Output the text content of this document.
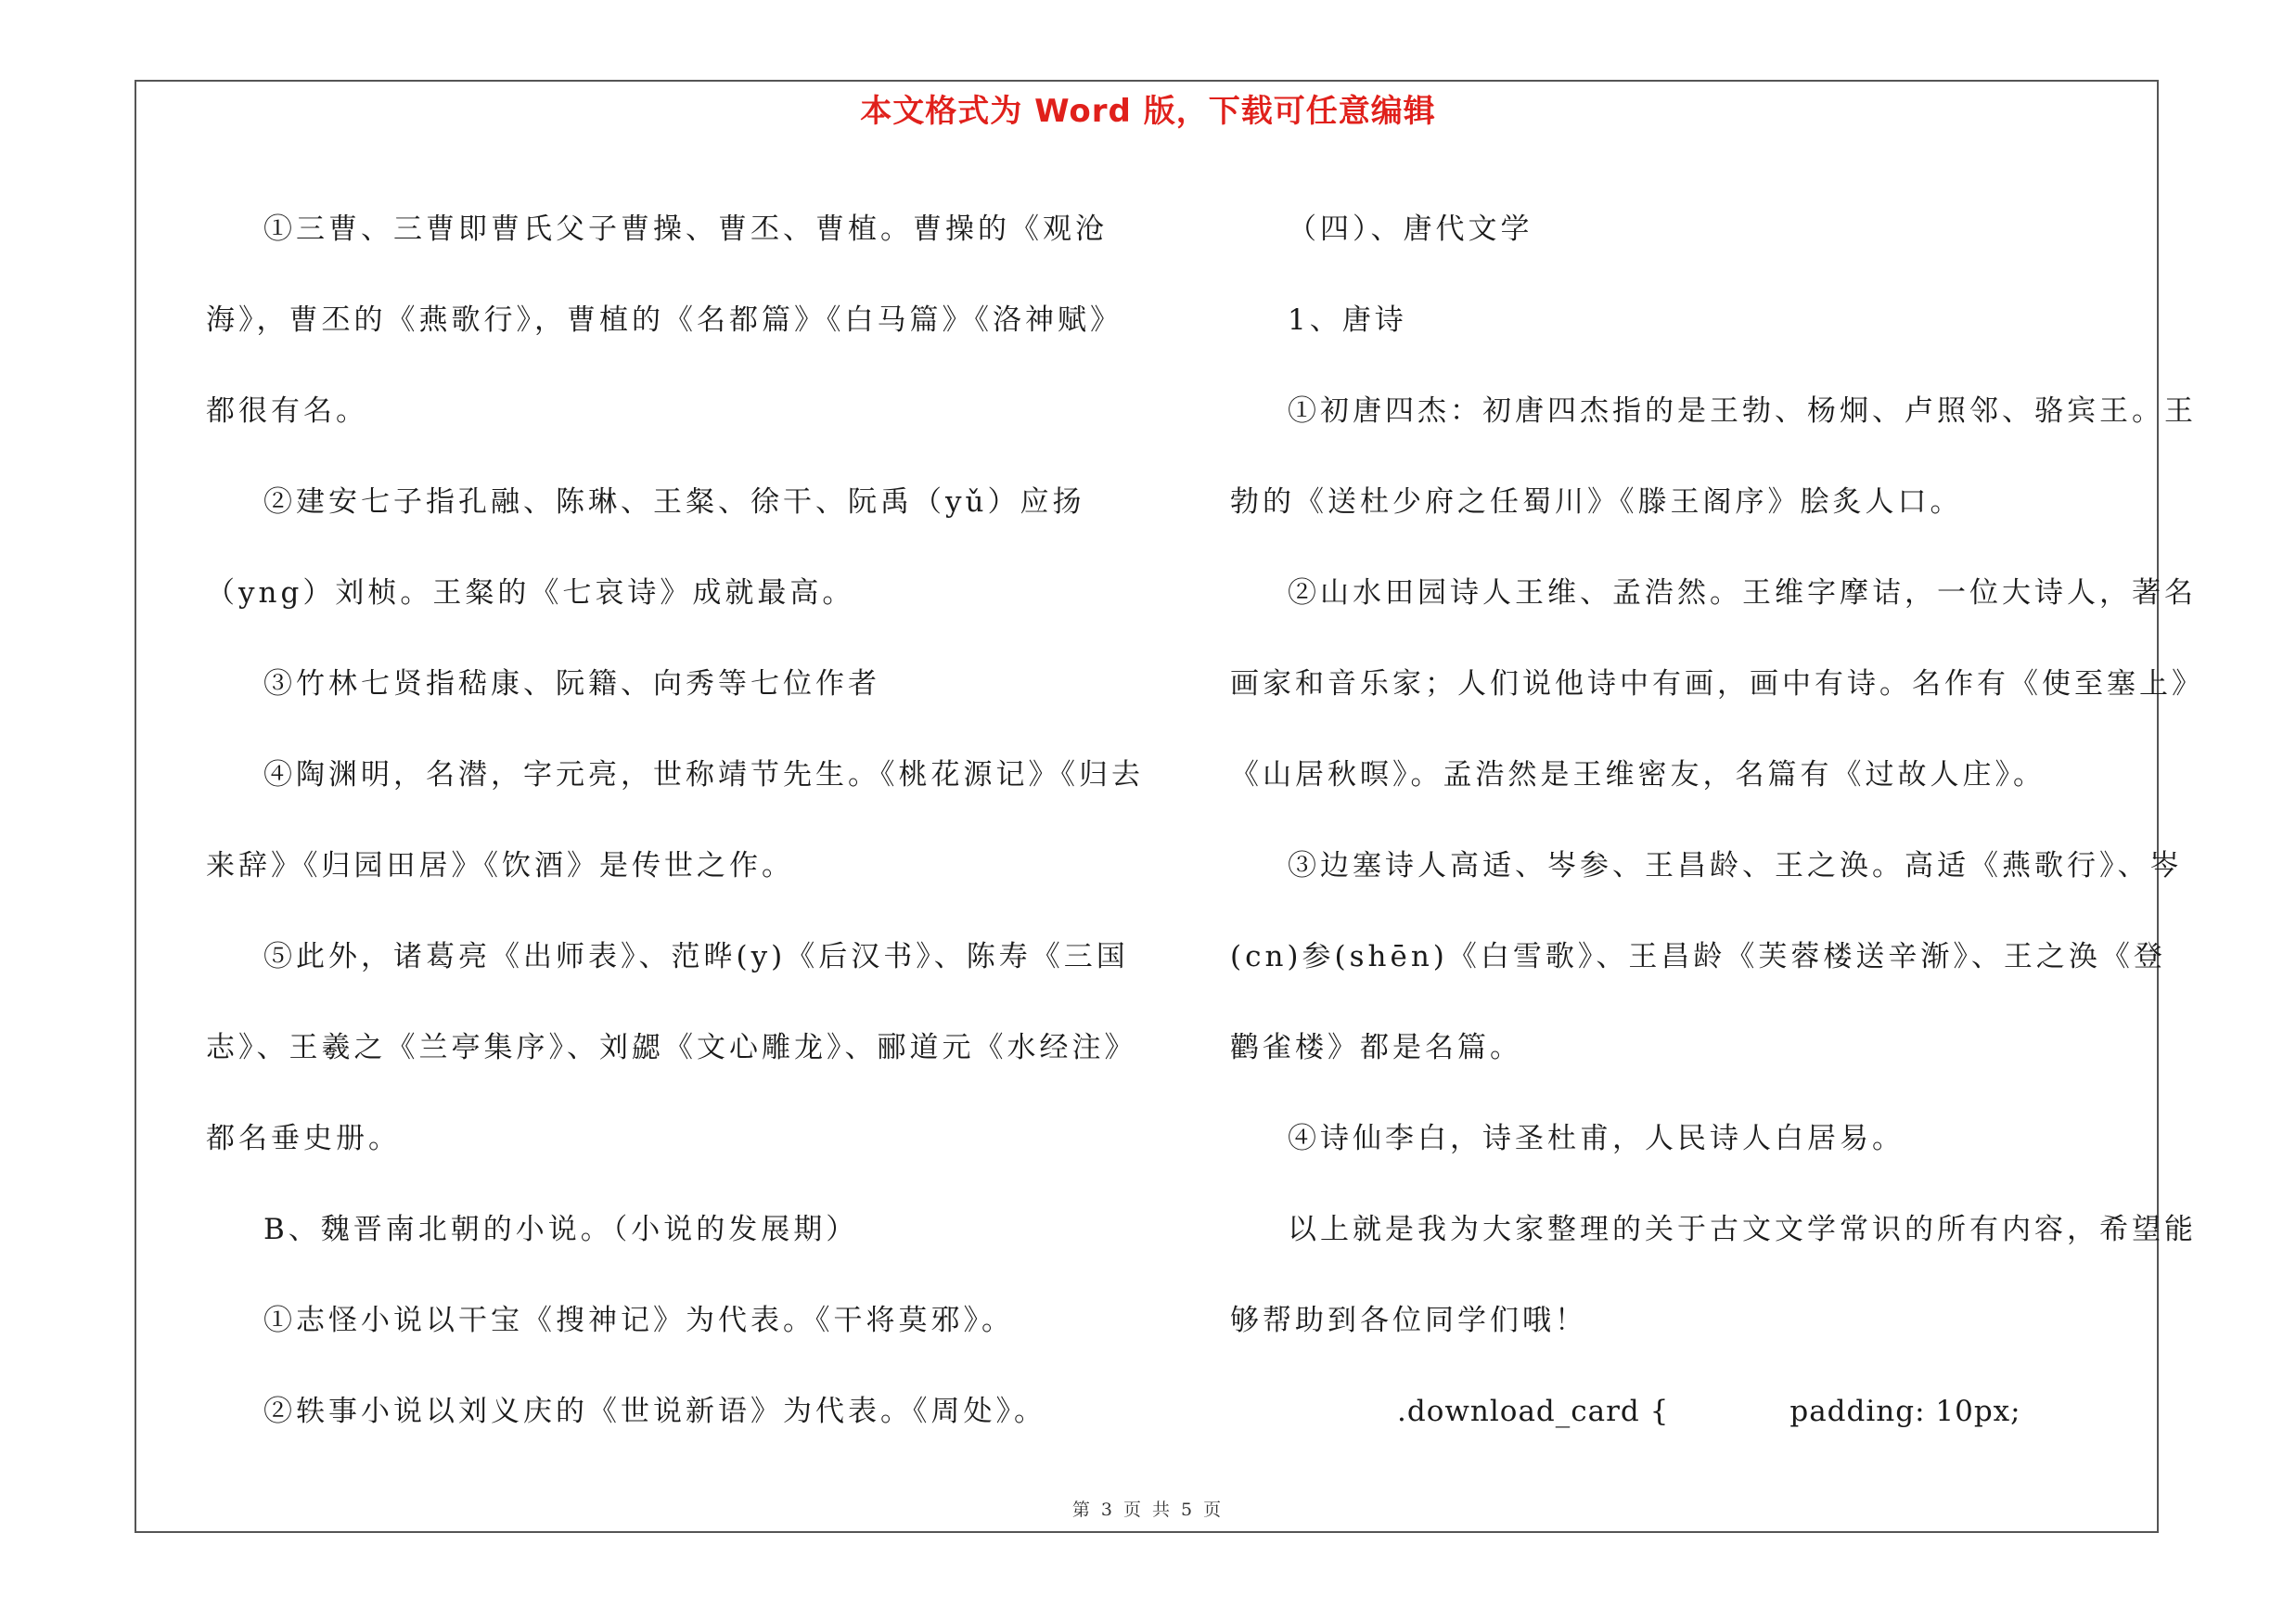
本文格式为 Word 版，下载可任意编辑
①三曹、三曹即曹氏父子曹操、曹丕、曹植。曹操的《观沧
海》，曹丕的《燕歌行》，曹植的《名都篇》《白马篇》《洛神赋》
都很有名。
②建安七子指孔融、陈琳、王粲、徐干、阮禹（yǔ）应扬
（yng）刘桢。王粲的《七哀诗》成就最高。
③竹林七贤指嵇康、阮籍、向秀等七位作者
④陶渊明，名潜，字元亮，世称靖节先生。《桃花源记》《归去
来辞》《归园田居》《饮酒》是传世之作。
⑤此外，诸葛亮《出师表》、范晔(y)《后汉书》、陈寿《三国
志》、王羲之《兰亭集序》、刘勰《文心雕龙》、郦道元《水经注》
都名垂史册。
B、魏晋南北朝的小说。（小说的发展期）
①志怪小说以干宝《搜神记》为代表。《干将莫邪》。
②轶事小说以刘义庆的《世说新语》为代表。《周处》。
（四）、唐代文学
1、唐诗
①初唐四杰：初唐四杰指的是王勃、杨炯、卢照邻、骆宾王。王
勃的《送杜少府之任蜀川》《滕王阁序》脍炙人口。
②山水田园诗人王维、孟浩然。王维字摩诘，一位大诗人，著名
画家和音乐家；人们说他诗中有画，画中有诗。名作有《使至塞上》
《山居秋暝》。孟浩然是王维密友，名篇有《过故人庄》。
③边塞诗人高适、岑参、王昌龄、王之涣。高适《燕歌行》、岑
(cn)参(shēn)《白雪歌》、王昌龄《芙蓉楼送辛渐》、王之涣《登
鹳雀楼》都是名篇。
④诗仙李白，诗圣杜甫，人民诗人白居易。
以上就是我为大家整理的关于古文文学常识的所有内容，希望能
够帮助到各位同学们哦！
.download_card {	padding: 10px;
第 3 页 共 5 页
